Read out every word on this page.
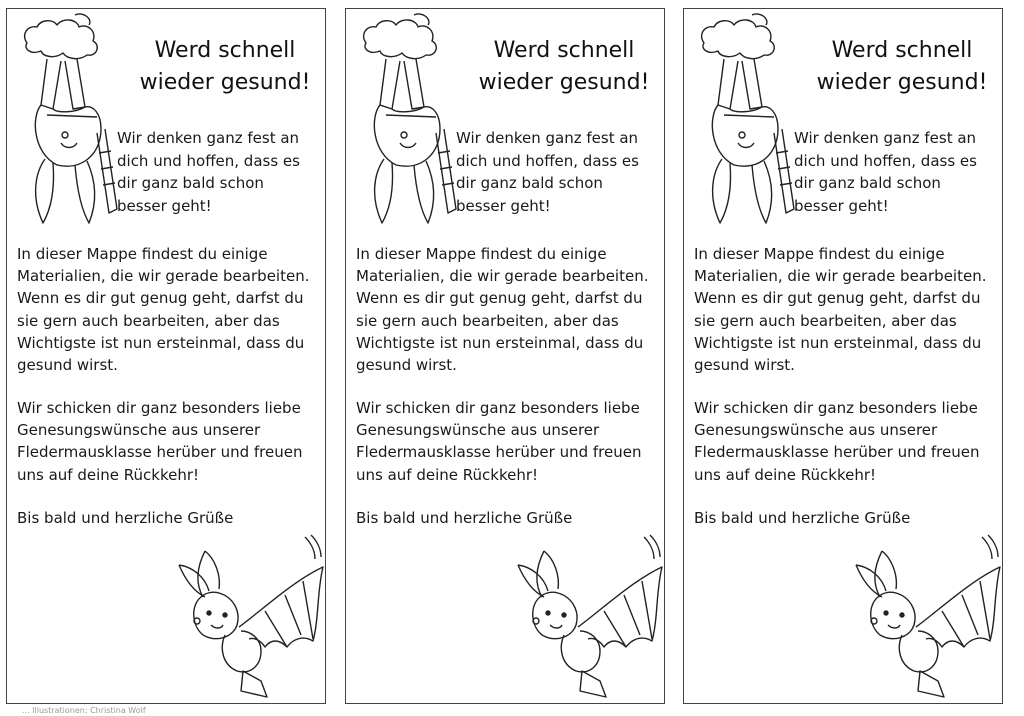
Werd schnell
wieder gesund!
Wir denken ganz fest an
dich und hoffen, dass es
dir ganz bald schon
besser geht!
In dieser Mappe findest du einige
Materialien, die wir gerade bearbeiten.
Wenn es dir gut genug geht, darfst du
sie gern auch bearbeiten, aber das
Wichtigste ist nun ersteinmal, dass du
gesund wirst.
Wir schicken dir ganz besonders liebe
Genesungswünsche aus unserer
Fledermausklasse herüber und freuen
uns auf deine Rückkehr!
Bis bald und herzliche Grüße
Werd schnell
wieder gesund!
Wir denken ganz fest an
dich und hoffen, dass es
dir ganz bald schon
besser geht!
In dieser Mappe findest du einige
Materialien, die wir gerade bearbeiten.
Wenn es dir gut genug geht, darfst du
sie gern auch bearbeiten, aber das
Wichtigste ist nun ersteinmal, dass du
gesund wirst.
Wir schicken dir ganz besonders liebe
Genesungswünsche aus unserer
Fledermausklasse herüber und freuen
uns auf deine Rückkehr!
Bis bald und herzliche Grüße
Werd schnell
wieder gesund!
Wir denken ganz fest an
dich und hoffen, dass es
dir ganz bald schon
besser geht!
In dieser Mappe findest du einige
Materialien, die wir gerade bearbeiten.
Wenn es dir gut genug geht, darfst du
sie gern auch bearbeiten, aber das
Wichtigste ist nun ersteinmal, dass du
gesund wirst.
Wir schicken dir ganz besonders liebe
Genesungswünsche aus unserer
Fledermausklasse herüber und freuen
uns auf deine Rückkehr!
Bis bald und herzliche Grüße
... Illustrationen: Christina Wolf
